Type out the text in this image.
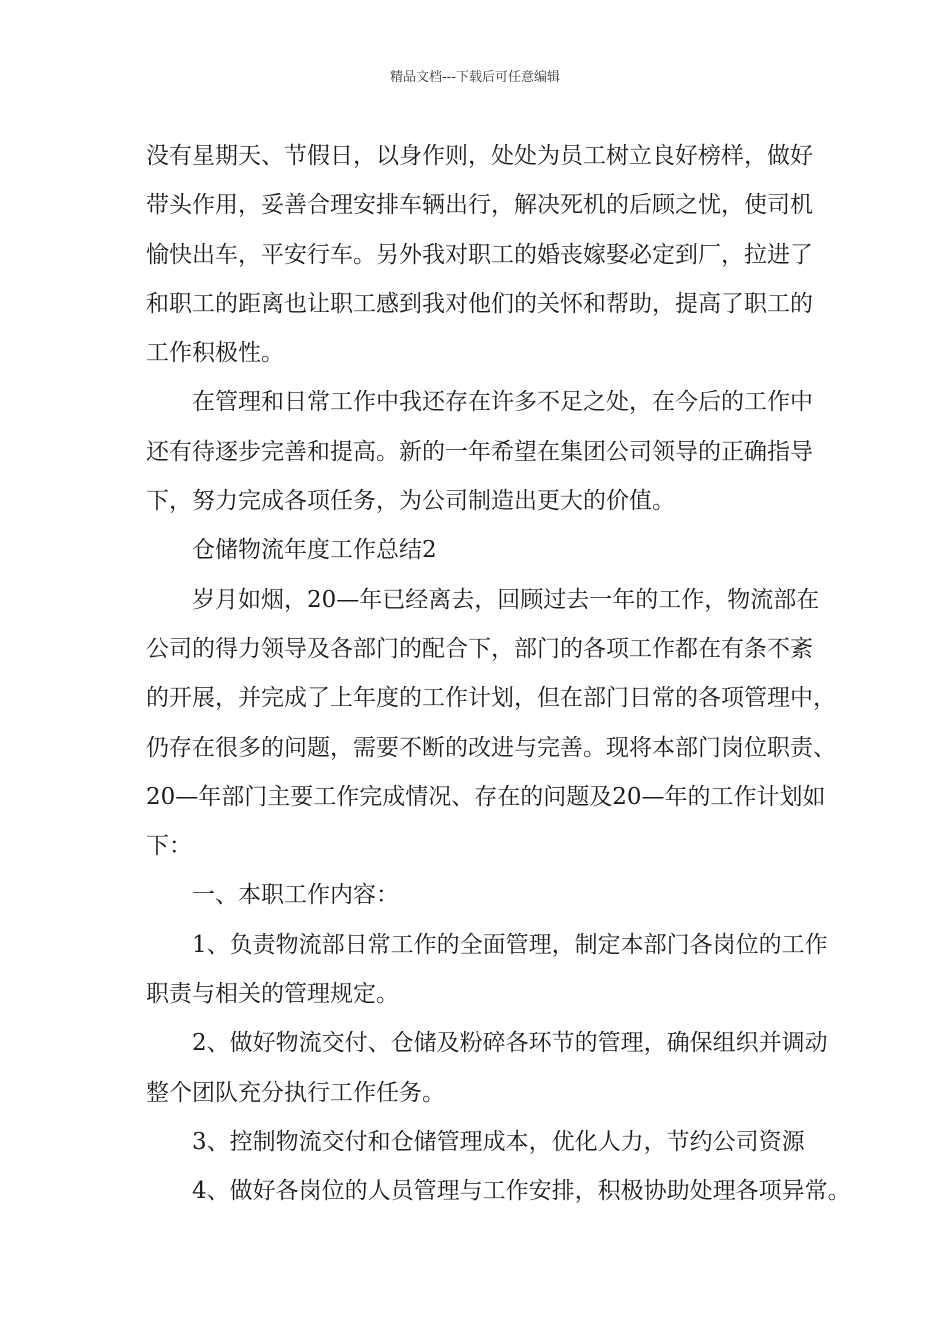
精品文档---下载后可任意编辑
没有星期天、节假日，以身作则，处处为员工树立良好榜样，做好
带头作用，妥善合理安排车辆出行，解决死机的后顾之忧，使司机
愉快出车，平安行车。另外我对职工的婚丧嫁娶必定到厂，拉进了
和职工的距离也让职工感到我对他们的关怀和帮助，提高了职工的
工作积极性。
在管理和日常工作中我还存在许多不足之处，在今后的工作中
还有待逐步完善和提高。新的一年希望在集团公司领导的正确指导
下，努力完成各项任务，为公司制造出更大的价值。
仓储物流年度工作总结2
岁月如烟，20—年已经离去，回顾过去一年的工作，物流部在
公司的得力领导及各部门的配合下，部门的各项工作都在有条不紊
的开展，并完成了上年度的工作计划，但在部门日常的各项管理中，
仍存在很多的问题，需要不断的改进与完善。现将本部门岗位职责、
20—年部门主要工作完成情况、存在的问题及20—年的工作计划如
下：
一、本职工作内容：
1、负责物流部日常工作的全面管理，制定本部门各岗位的工作
职责与相关的管理规定。
2、做好物流交付、仓储及粉碎各环节的管理，确保组织并调动
整个团队充分执行工作任务。
3、控制物流交付和仓储管理成本，优化人力，节约公司资源
4、做好各岗位的人员管理与工作安排，积极协助处理各项异常。
